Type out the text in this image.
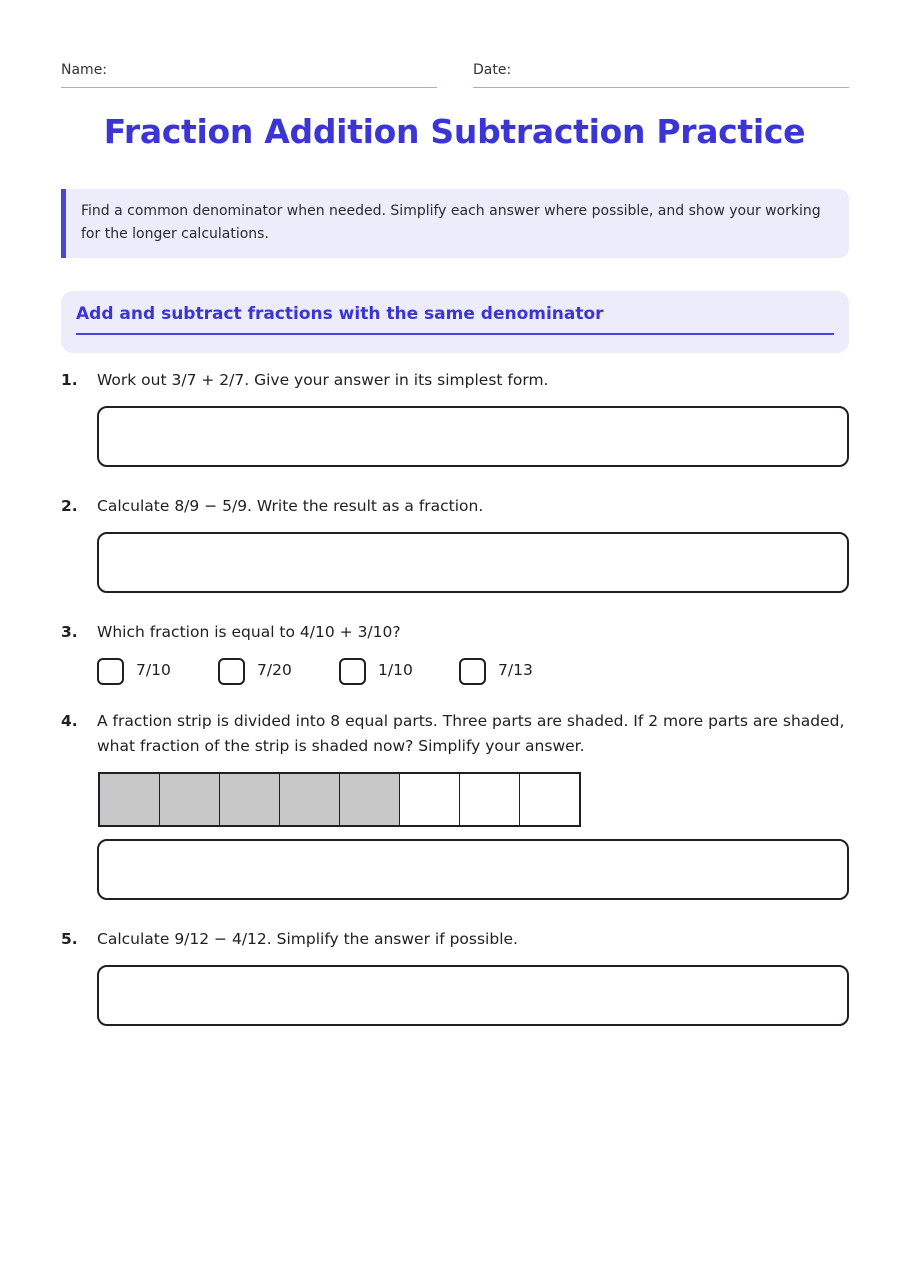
Name:	Date:
Fraction Addition Subtraction Practice
Find a common denominator when needed. Simplify each answer where possible, and show your working for the longer calculations.
Add and subtract fractions with the same denominator
1. Work out 3/7 + 2/7. Give your answer in its simplest form.
2. Calculate 8/9 − 5/9. Write the result as a fraction.
3. Which fraction is equal to 4/10 + 3/10?
7/10	7/20	1/10	7/13
4. A fraction strip is divided into 8 equal parts. Three parts are shaded. If 2 more parts are shaded, what fraction of the strip is shaded now? Simplify your answer.
5. Calculate 9/12 − 4/12. Simplify the answer if possible.
